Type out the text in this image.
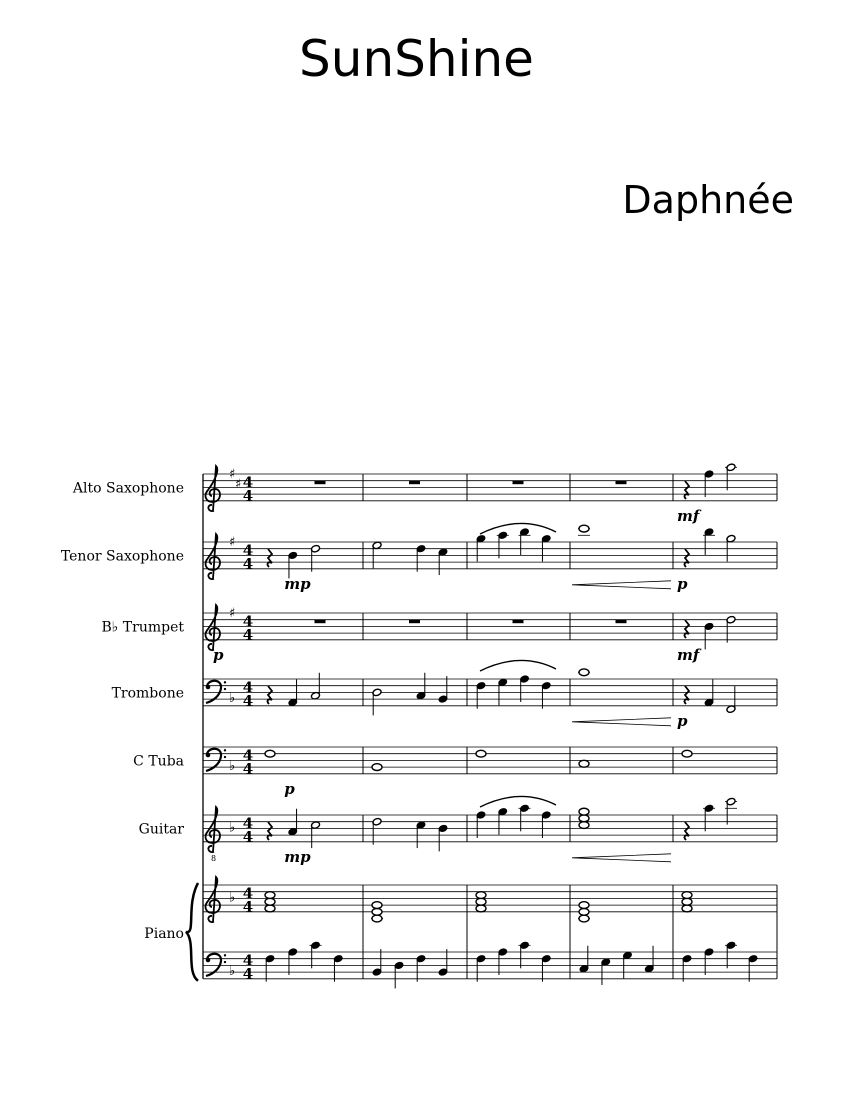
SunShine
Daphnée
Piano
Alto Saxophone
♯
♯ 4
4
mf
Tenor Saxophone
♯ 4
4
mp	p
B♭ Trumpet
♯ 4
4
p	mf
Trombone	♭
4
4
p
C Tuba	♭
4
4
p
Guitar
8
♭ 4
4
mp
♭ 4
4
♭
4
4
